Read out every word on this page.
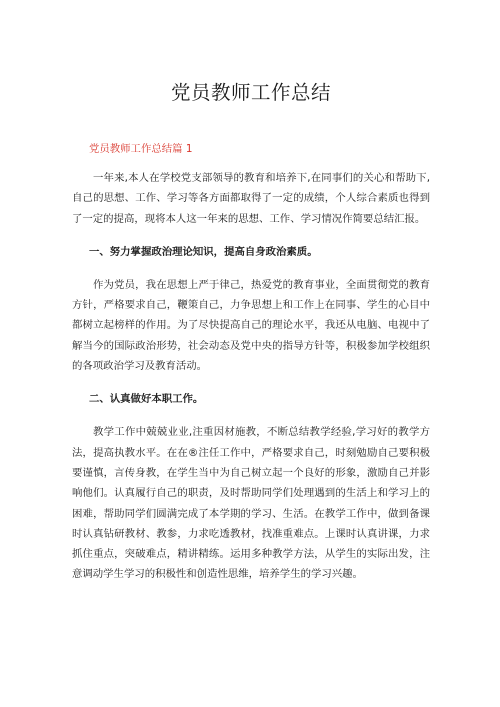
党员教师工作总结
党员教师工作总结篇 1

一年来,本人在学校党支部领导的教育和培养下,在同事们的关心和帮助下,自己的思想、工作、学习等各方面都取得了一定的成绩，个人综合素质也得到了一定的提高，现将本人这一年来的思想、工作、学习情况作简要总结汇报。

一、努力掌握政治理论知识，提高自身政治素质。

作为党员，我在思想上严于律己，热爱党的教育事业，全面贯彻党的教育方针，严格要求自己，鞭策自己，力争思想上和工作上在同事、学生的心目中都树立起榜样的作用。为了尽快提高自己的理论水平，我还从电脑、电视中了解当今的国际政治形势，社会动态及党中央的指导方针等，积极参加学校组织的各项政治学习及教育活动。

二、认真做好本职工作。

教学工作中兢兢业业,注重因材施教，不断总结教学经验,学习好的教学方法，提高执教水平。在在®注任工作中，严格要求自己，时刻勉励自己要积极要谨慎，言传身教，在学生当中为自己树立起一个良好的形象，激励自己并影响他们。认真履行自己的职责，及时帮助同学们处理遇到的生活上和学习上的困难，帮助同学们圆满完成了本学期的学习、生活。在教学工作中，做到备课时认真钻研教材、教参，力求吃透教材，找准重难点。上课时认真讲课，力求抓住重点，突破难点，精讲精练。运用多种教学方法，从学生的实际出发，注意调动学生学习的积极性和创造性思维，培养学生的学习兴趣。
